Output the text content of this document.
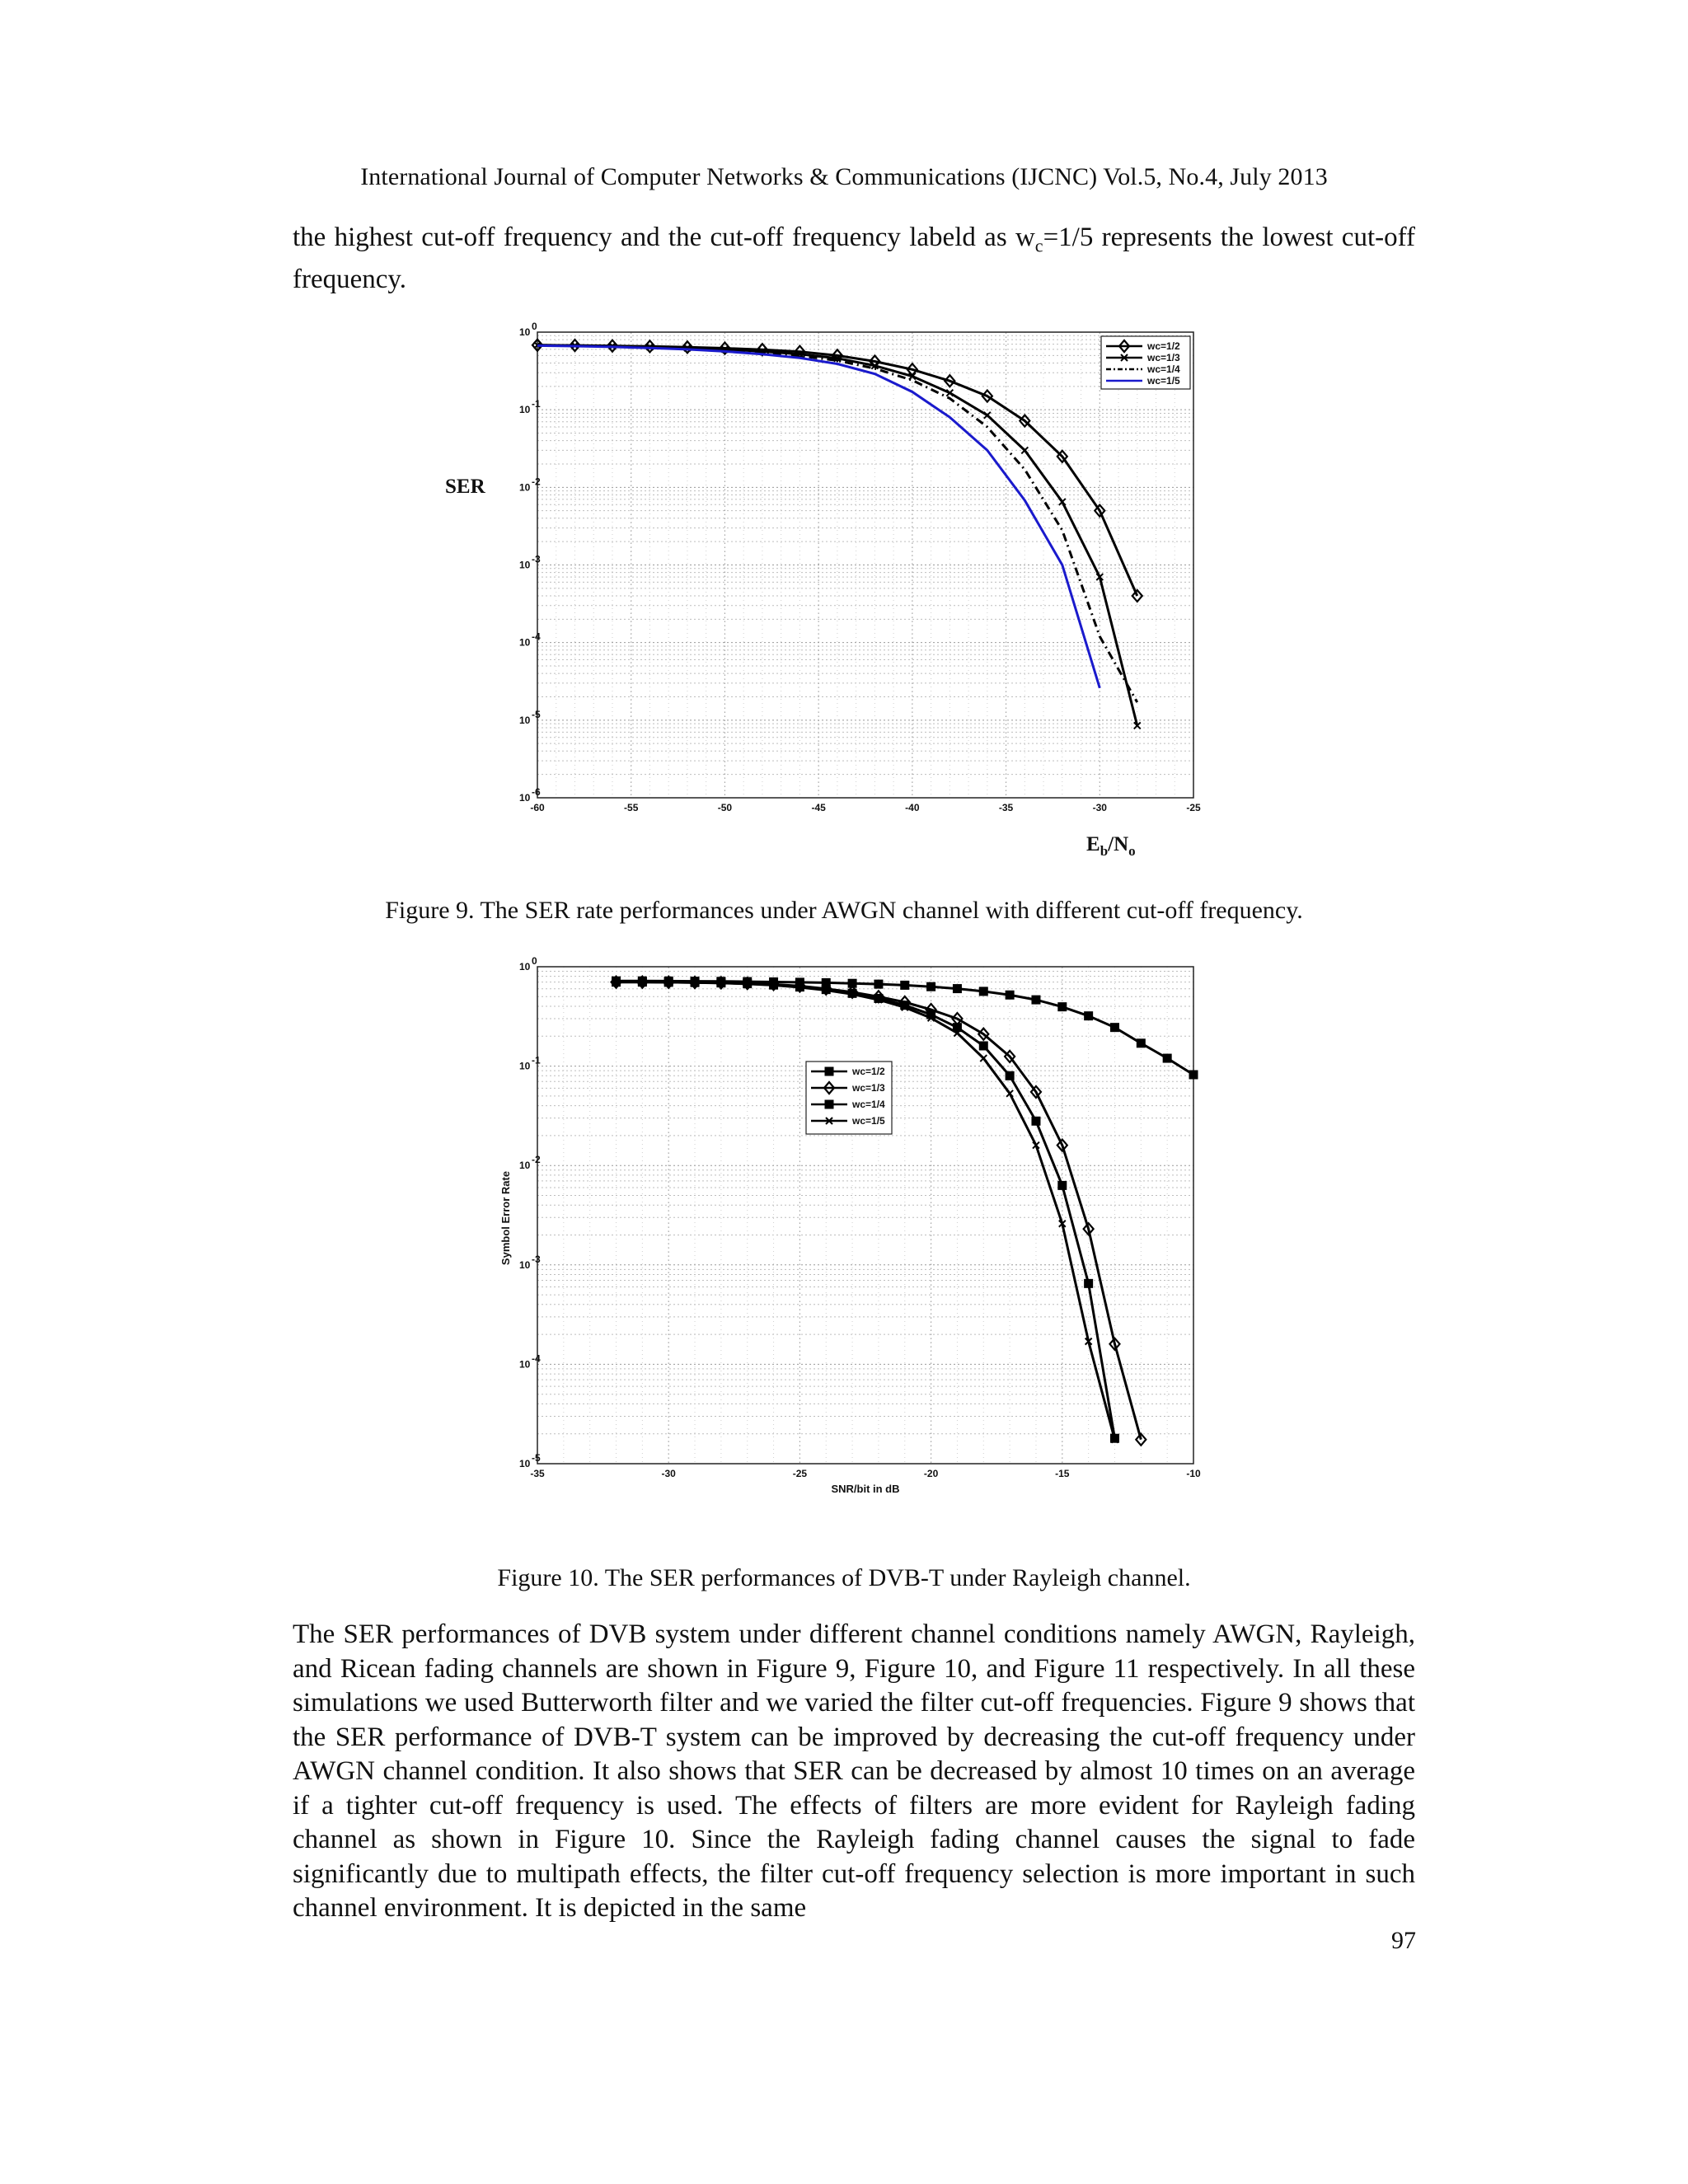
International Journal of Computer Networks & Communications (IJCNC) Vol.5, No.4, July 2013
the highest cut-off frequency and the cut-off frequency labeld as $w_c=1/5$ represents the lowest cut-off frequency.
-60	-55	-50	-45	-40	-35	-30	-25
10 0
10 -1
10 -2
10 -3
10 -4
10 -5
10 -6
wc=1/2
wc=1/3
wc=1/4
wc=1/5
SER
$E_b/N_o$
Figure 9. The SER rate performances under AWGN channel with different cut-off frequency.
-35	-30	-25	-20	-15	-10
10 0
10 -1
10 -2
10 -3
10 -4
10 -5
wc=1/2
wc=1/3
wc=1/4
wc=1/5
Symbol Error Rate
SNR/bit in dB
Figure 10. The SER performances of DVB-T under Rayleigh channel.
The SER performances of DVB system under different channel conditions namely AWGN, Rayleigh, and Ricean fading channels are shown in Figure 9, Figure 10, and Figure 11 respectively. In all these simulations we used Butterworth filter and we varied the filter cut-off frequencies. Figure 9 shows that the SER performance of DVB-T system can be improved by decreasing the cut-off frequency under AWGN channel condition. It also shows that SER can be decreased by almost 10 times on an average if a tighter cut-off frequency is used. The effects of filters are more evident for Rayleigh fading channel as shown in Figure 10. Since the Rayleigh fading channel causes the signal to fade significantly due to multipath effects, the filter cut-off frequency selection is more important in such channel environment. It is depicted in the same
97
